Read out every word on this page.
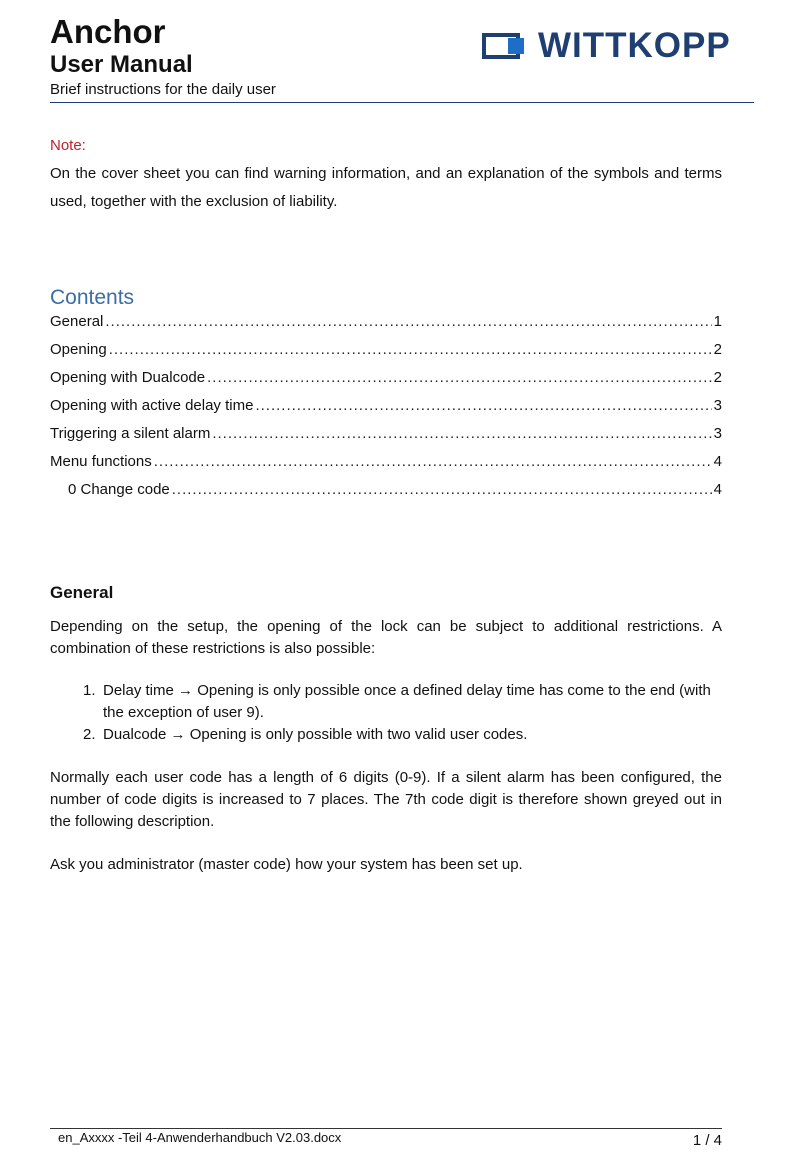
Anchor
User Manual
Brief instructions for the daily user
WITTKOPP
Note:
On the cover sheet you can find warning information, and an explanation of the symbols and terms used, together with the exclusion of liability.
Contents
General .....	1
Opening .....	2
Opening with Dualcode .....	2
Opening with active delay time .....	3
Triggering a silent alarm .....	3
Menu functions .....	4
0 Change code .....	4
General
Depending on the setup, the opening of the lock can be subject to additional restrictions. A combination of these restrictions is also possible:
1. Delay time → Opening is only possible once a defined delay time has come to the end (with the exception of user 9).
2. Dualcode → Opening is only possible with two valid user codes.
Normally each user code has a length of 6 digits (0-9). If a silent alarm has been configured, the number of code digits is increased to 7 places. The 7th code digit is therefore shown greyed out in the following description.
Ask you administrator (master code) how your system has been set up.
en_Axxxx -Teil 4-Anwenderhandbuch V2.03.docx	1 / 4
